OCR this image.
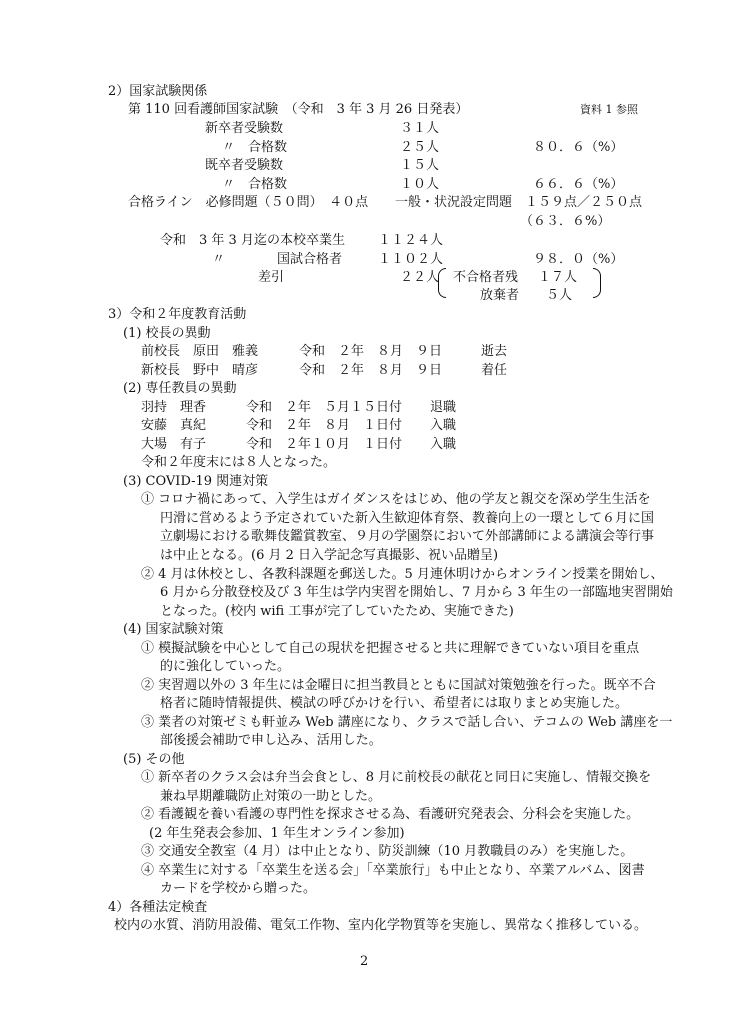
2）国家試験関係
第 110 回看護師国家試験　（令和　3 年 3 月 26 日発表）	資料 1 参照
新卒者受験数	３１人
〃　合格数	２５人	８０．６（%）
既卒者受験数	１５人
〃　合格数	１０人	６６．６（%）
合格ライン　必修問題（５０問）　４０点 一般・状況設定問題　１５９点／２５０点
（６３．６%）
令和　3 年 3 月迄の本校卒業生	１１２４人
〃　　　　国試合格者	１１０２人	９８．０（%）
差引	２２人 不合格者残 １７人
放棄者 ５人
3）令和２年度教育活動
(1) 校長の異動
前校長　原田　雅義	令和　２年　８月　９日	逝去
新校長　野中　晴彦	令和　２年　８月　９日	着任
(2) 専任教員の異動
羽持　理香	令和　２年　５月１５日付 退職
安藤　真紀	令和　２年　８月　１日付 入職
大場　有子	令和　２年１０月　１日付 入職
令和２年度末には８人となった。
(3) COVID-19 関連対策
① コロナ禍にあって、入学生はガイダンスをはじめ、他の学友と親交を深め学生生活を
円滑に営めるよう予定されていた新入生歓迎体育祭、教養向上の一環として６月に国
立劇場における歌舞伎鑑賞教室、９月の学園祭において外部講師による講演会等行事
は中止となる。(6 月 2 日入学記念写真撮影、祝い品贈呈)
② 4 月は休校とし、各教科課題を郵送した。5 月連休明けからオンライン授業を開始し、
6 月から分散登校及び 3 年生は学内実習を開始し、7 月から 3 年生の一部臨地実習開始
となった。(校内 wifi 工事が完了していたため、実施できた)
(4) 国家試験対策
① 模擬試験を中心として自己の現状を把握させると共に理解できていない項目を重点
的に強化していった。
② 実習週以外の 3 年生には金曜日に担当教員とともに国試対策勉強を行った。既卒不合
格者に随時情報提供、模試の呼びかけを行い、希望者には取りまとめ実施した。
③ 業者の対策ゼミも軒並み Web 講座になり、クラスで話し合い、テコムの Web 講座を一
部後援会補助で申し込み、活用した。
(5) その他
① 新卒者のクラス会は弁当会食とし、8 月に前校長の献花と同日に実施し、情報交換を
兼ね早期離職防止対策の一助とした。
② 看護観を養い看護の専門性を探求させる為、看護研究発表会、分科会を実施した。
(2 年生発表会参加、1 年生オンライン参加)
③ 交通安全教室（4 月）は中止となり、防災訓練（10 月教職員のみ）を実施した。
④ 卒業生に対する「卒業生を送る会」「卒業旅行」も中止となり、卒業アルバム、図書
カードを学校から贈った。
4）各種法定検査
校内の水質、消防用設備、電気工作物、室内化学物質等を実施し、異常なく推移している。
2
